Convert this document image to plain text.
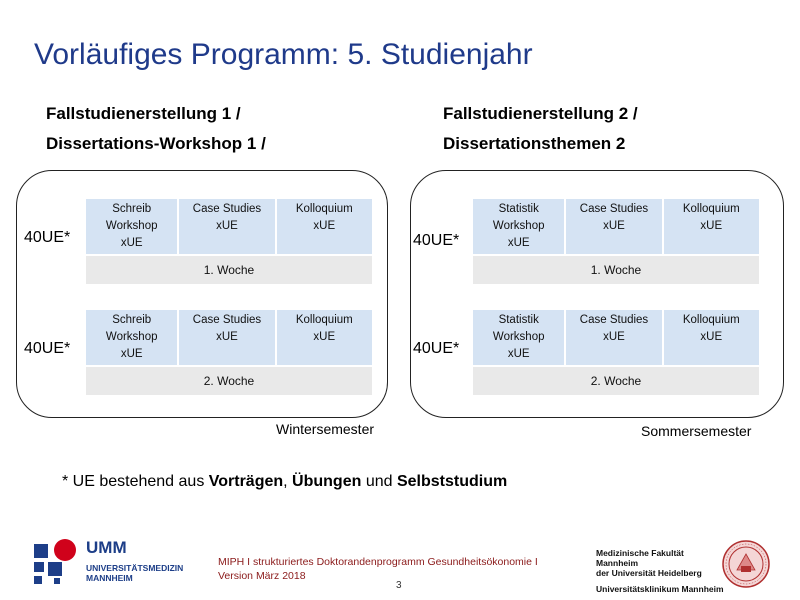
Vorläufiges Programm: 5. Studienjahr
Fallstudienerstellung 1 /
Dissertations-Workshop 1 /
Fallstudienerstellung 2 /
Dissertationsthemen 2
40UE*
Schreib
Workshop
xUE

Case Studies
xUE

Kolloquium
xUE

1. Woche
40UE*
Schreib
Workshop
xUE

Case Studies
xUE

Kolloquium
xUE

2. Woche
40UE*
Statistik
Workshop
xUE

Case Studies
xUE

Kolloquium
xUE

1. Woche
40UE*
Statistik
Workshop
xUE

Case Studies
xUE

Kolloquium
xUE

2. Woche
Wintersemester	Sommersemester
* UE bestehend aus Vorträgen, Übungen und Selbststudium
UMM
UNIVERSITÄTSMEDIZIN
MANNHEIM
MIPH I strukturiertes Doktorandenprogramm Gesundheitsökonomie I
Version März 2018
3
Medizinische Fakultät Mannheim
der Universität Heidelberg
Universitätsklinikum Mannheim
